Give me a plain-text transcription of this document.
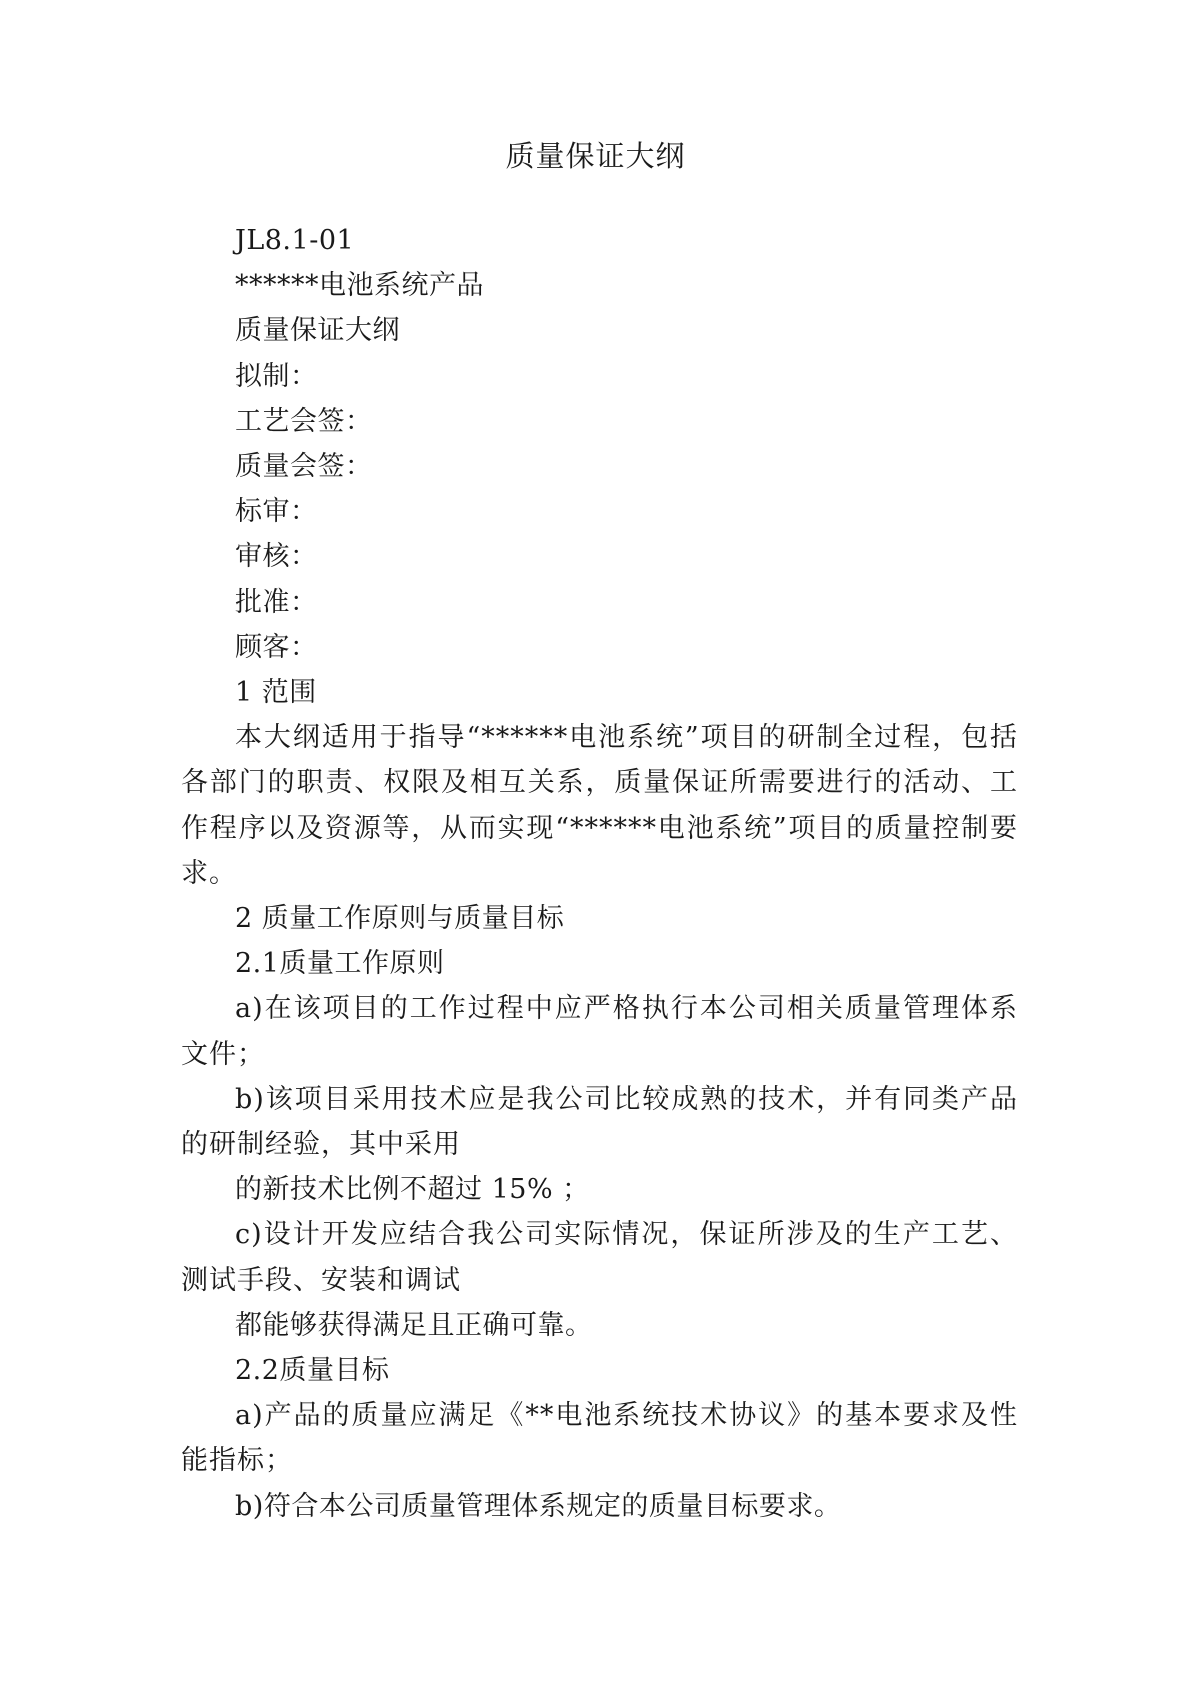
质量保证大纲

JL8.1-01

******电池系统产品

质量保证大纲

拟制：

工艺会签：

质量会签：

标审：

审核：

批准：

顾客：

1 范围

本大纲适用于指导“******电池系统”项目的研制全过程，包括各部门的职责、权限及相互关系，质量保证所需要进行的活动、工作程序以及资源等，从而实现“******电池系统”项目的质量控制要求。

2 质量工作原则与质量目标

2.1质量工作原则

a)在该项目的工作过程中应严格执行本公司相关质量管理体系文件；

b)该项目采用技术应是我公司比较成熟的技术，并有同类产品的研制经验，其中采用

的新技术比例不超过 15% ；

c)设计开发应结合我公司实际情况，保证所涉及的生产工艺、测试手段、安装和调试

都能够获得满足且正确可靠。

2.2质量目标

a)产品的质量应满足《**电池系统技术协议》的基本要求及性能指标；

b)符合本公司质量管理体系规定的质量目标要求。
